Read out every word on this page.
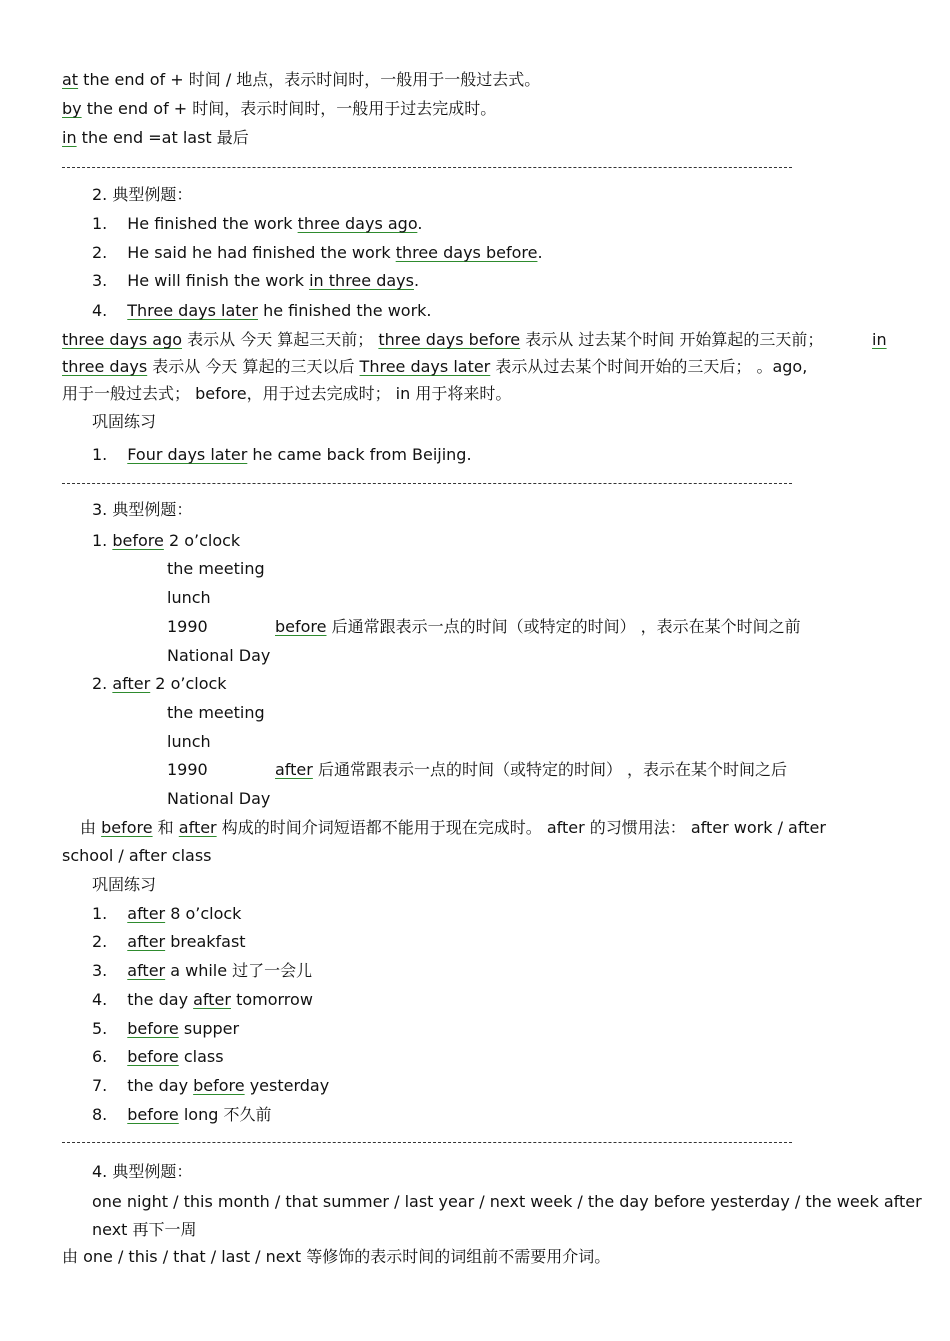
at the end of + 时间 / 地点，表示时间时，一般用于一般过去式。
by the end of + 时间，表示时间时，一般用于过去完成时。
in the end =at last 最后
2. 典型例题：
1. He finished the work three days ago.
2. He said he had finished the work three days before.
3. He will finish the work in three days.
4. Three days later he finished the work.
three days ago 表示从 今天 算起三天前； three days before 表示从 过去某个时间 开始算起的三天前；	in
three days 表示从 今天 算起的三天以后 Three days later 表示从过去某个时间开始的三天后； 。ago,
用于一般过去式； before，用于过去完成时； in 用于将来时。
巩固练习
1. Four days later he came back from Beijing.
3. 典型例题：
1. before 2 o’clock
the meeting
lunch
1990	before 后通常跟表示一点的时间（或特定的时间） ，表示在某个时间之前
National Day
2. after 2 o’clock
the meeting
lunch
1990	after 后通常跟表示一点的时间（或特定的时间） ，表示在某个时间之后
National Day
由 before 和 after 构成的时间介词短语都不能用于现在完成时。 after 的习惯用法： after work / after
school / after class
巩固练习
1. after 8 o’clock
2. after breakfast
3. after a while 过了一会儿
4. the day after tomorrow
5. before supper
6. before class
7. the day before yesterday
8. before long 不久前
4. 典型例题：
one night / this month / that summer / last year / next week / the day before yesterday / the week after
next 再下一周
由 one / this / that / last / next 等修饰的表示时间的词组前不需要用介词。
